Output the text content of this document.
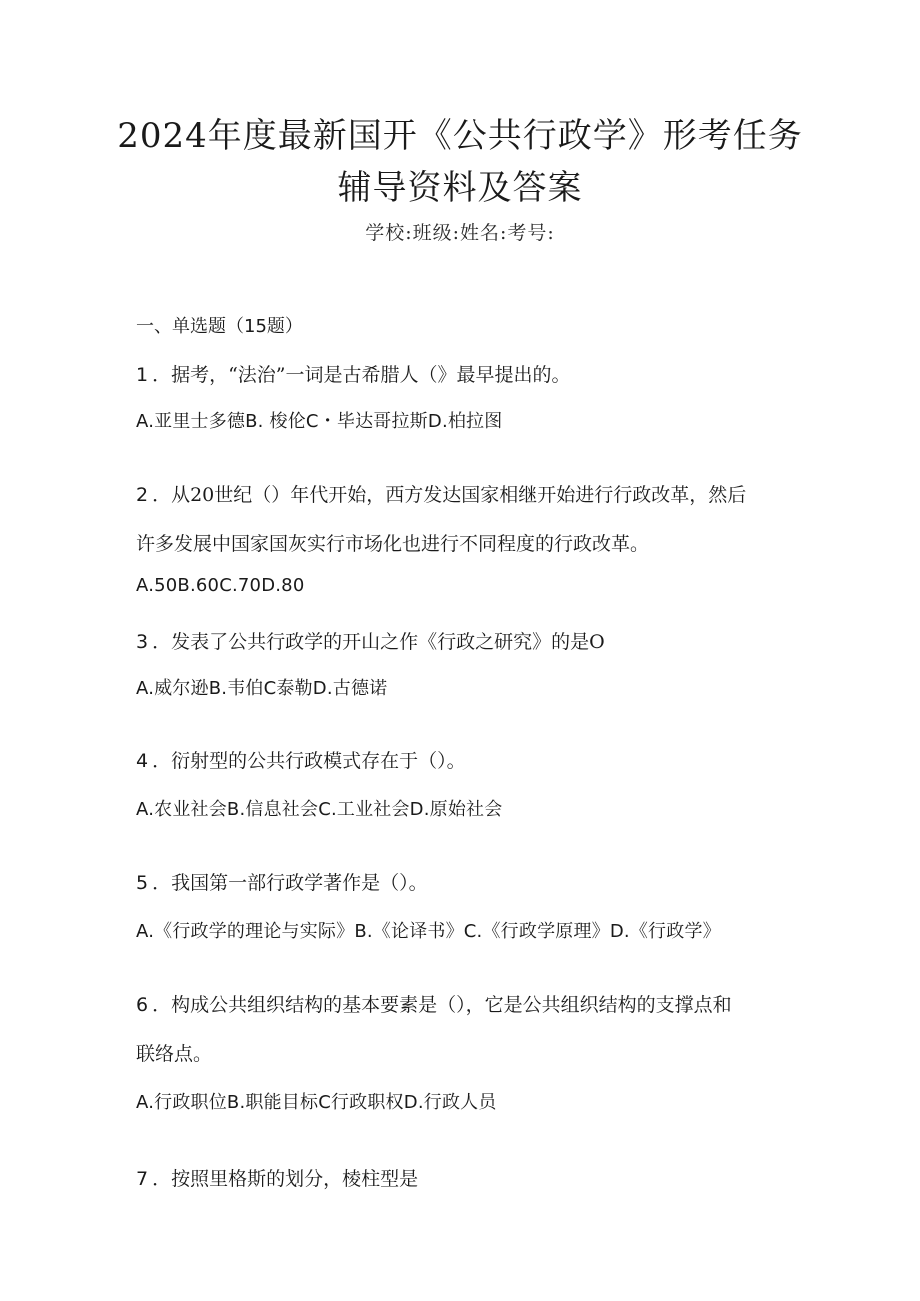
2024年度最新国开《公共行政学》形考任务
辅导资料及答案
学校:班级:姓名:考号:
一、单选题（15题）
1 ．据考，“法治”一词是古希腊人（》最早提出的。
A.亚里士多德B. 梭伦C・毕达哥拉斯D.柏拉图
2 ．从20世纪（）年代开始，西方发达国家相继开始进行行政改革，然后
许多发展中国家国灰实行市场化也进行不同程度的行政改革。
A.50B.60C.70D.80
3 ．发表了公共行政学的开山之作《行政之研究》的是O
A.威尔逊B.韦伯C泰勒D.古德诺
4 ．衍射型的公共行政模式存在于（）。
A.农业社会B.信息社会C.工业社会D.原始社会
5 ．我国第一部行政学著作是（）。
A.《行政学的理论与实际》B.《论译书》C.《行政学原理》D.《行政学》
6 ．构成公共组织结构的基本要素是（），它是公共组织结构的支撑点和
联络点。
A.行政职位B.职能目标C行政职权D.行政人员
7 ．按照里格斯的划分，棱柱型是
